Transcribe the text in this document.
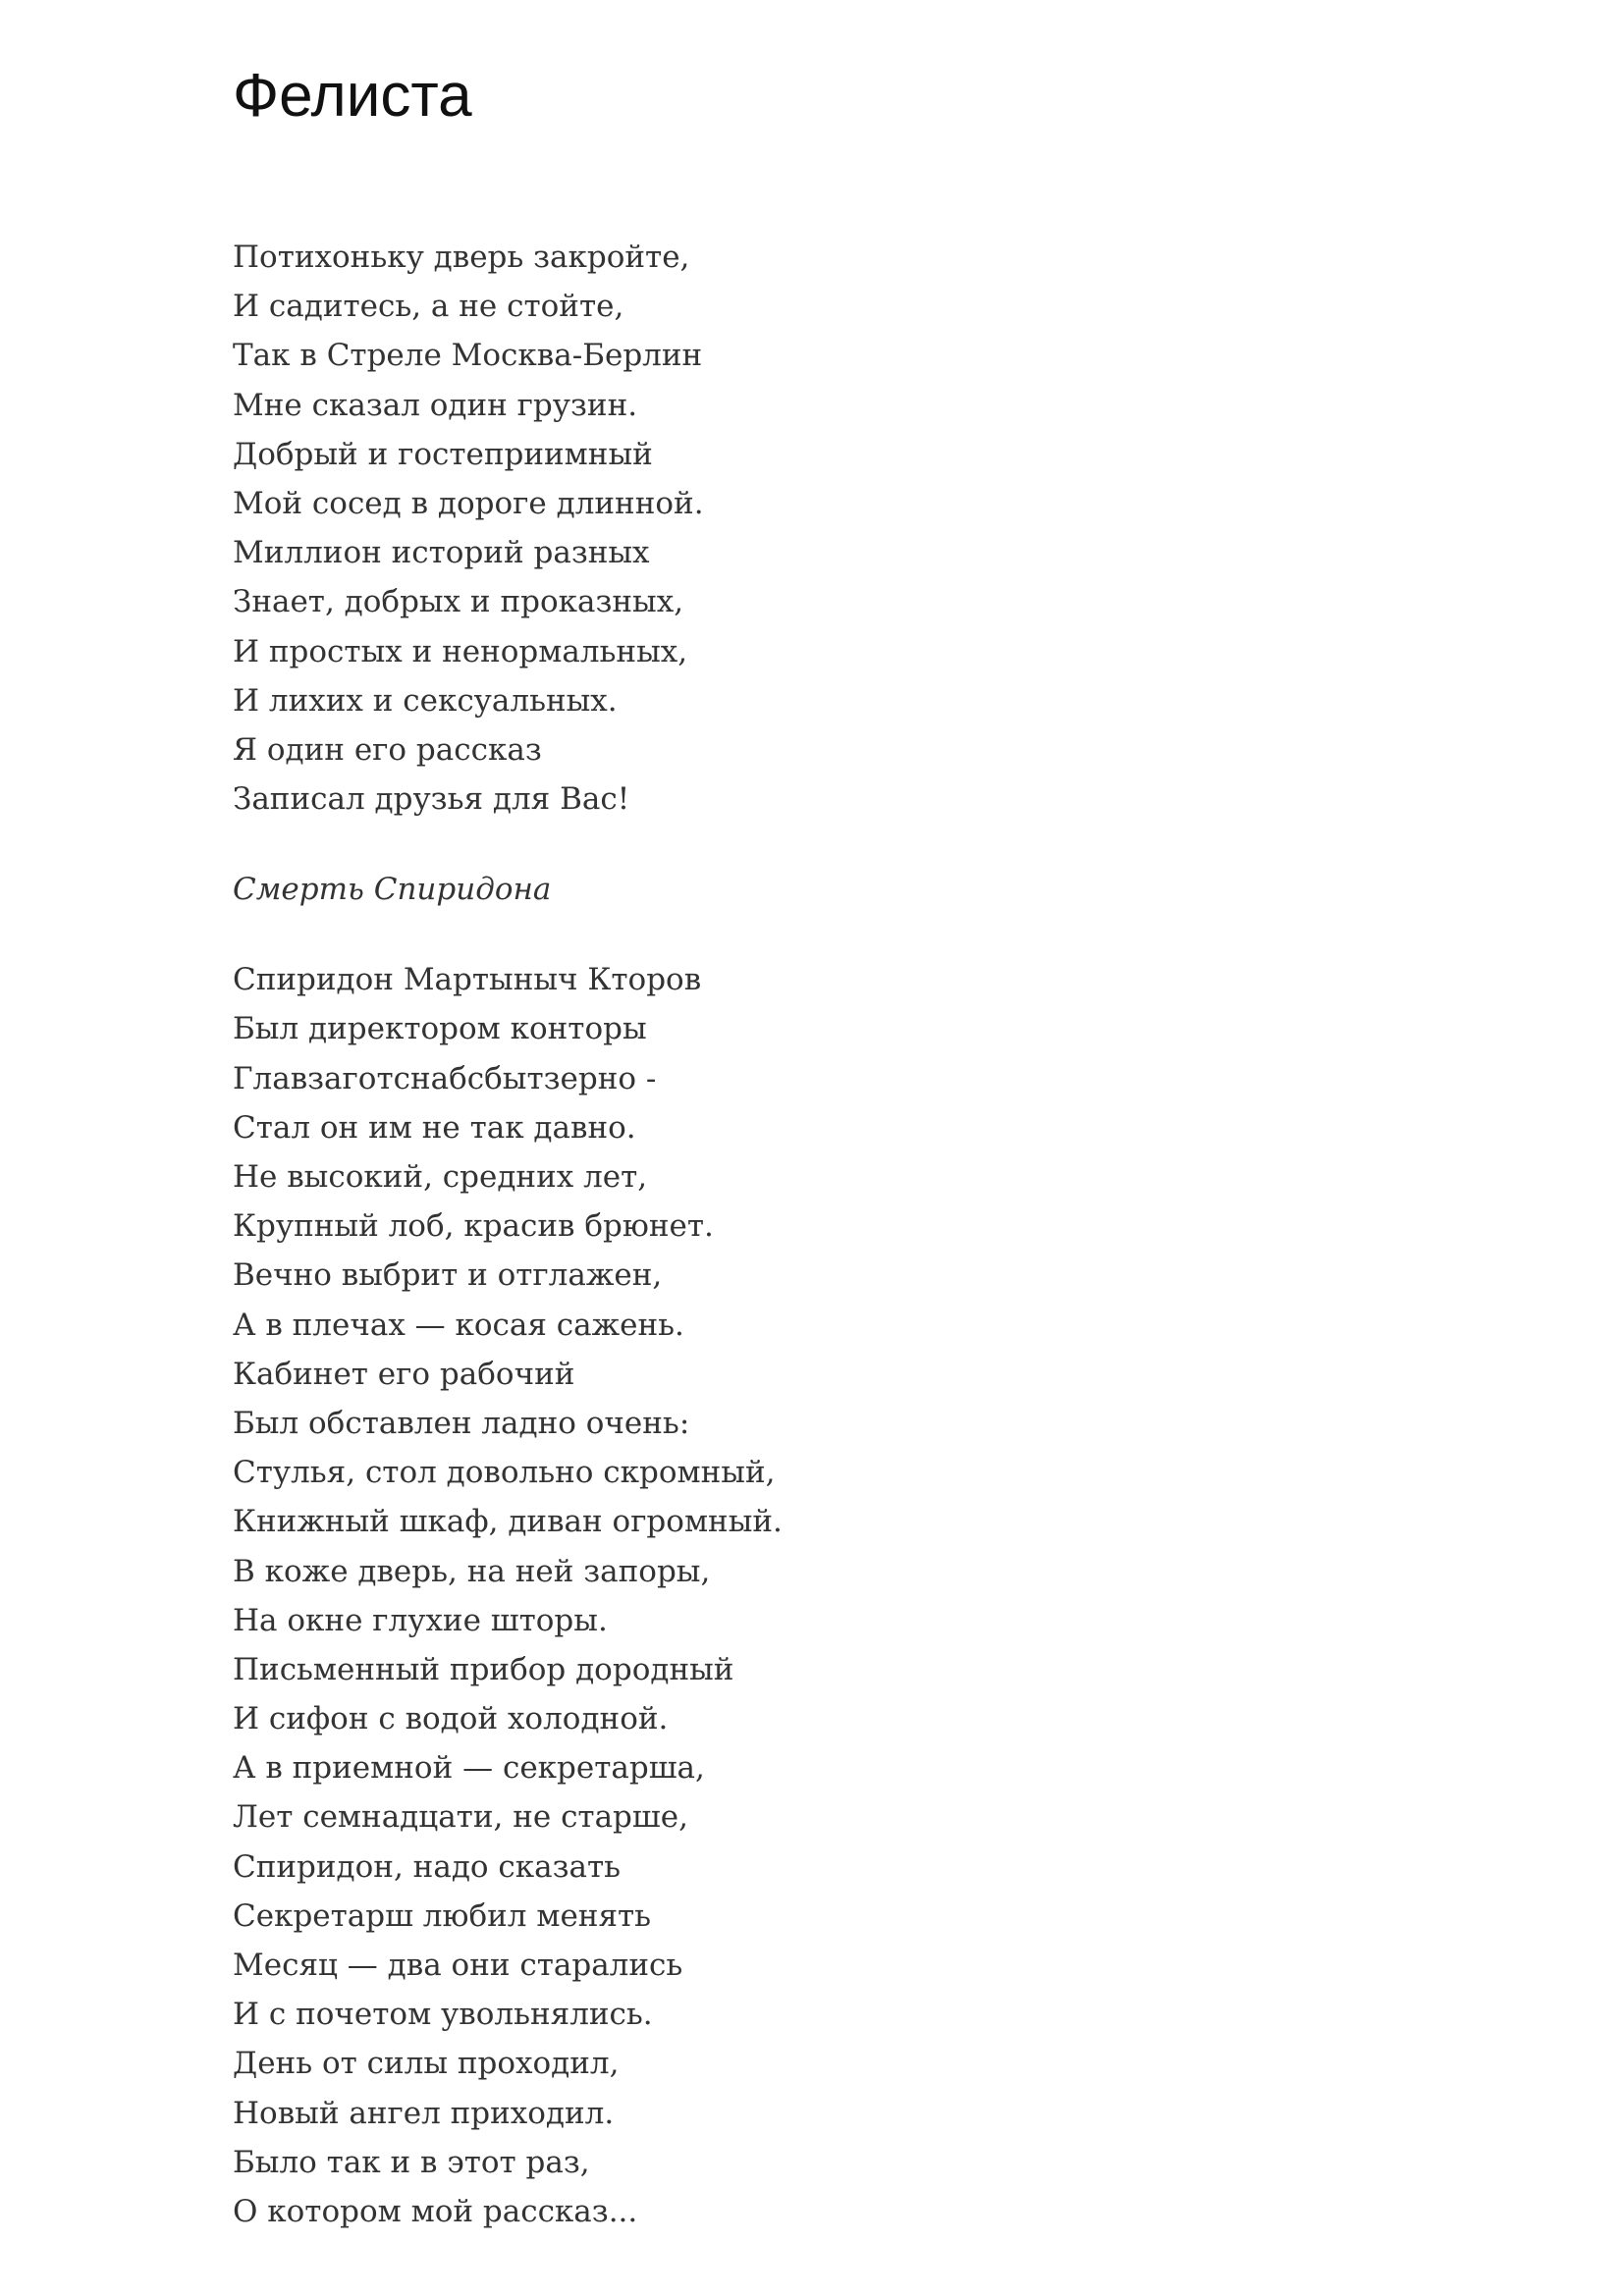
Фелиста
Потихоньку дверь закройте,
И садитесь, а не стойте,
Так в Стреле Москва-Берлин
Мне сказал один грузин.
Добрый и гостеприимный
Мой сосед в дороге длинной.
Миллион историй разных
Знает, добрых и проказных,
И простых и ненормальных,
И лихих и сексуальных.
Я один его рассказ
Записал друзья для Вас!

Смерть Спиридона

Спиридон Мартыныч Кторов
Был директором конторы
Главзаготснабсбытзерно -
Стал он им не так давно.
Не высокий, средних лет,
Крупный лоб, красив брюнет.
Вечно выбрит и отглажен,
А в плечах — косая сажень.
Кабинет его рабочий
Был обставлен ладно очень:
Стулья, стол довольно скромный,
Книжный шкаф, диван огромный.
В коже дверь, на ней запоры,
На окне глухие шторы.
Письменный прибор дородный
И сифон с водой холодной.
А в приемной — секретарша,
Лет семнадцати, не старше,
Спиридон, надо сказать
Секретарш любил менять
Месяц — два они старались
И с почетом увольнялись.
День от силы проходил,
Новый ангел приходил.
Было так и в этот раз,
О котором мой рассказ...
